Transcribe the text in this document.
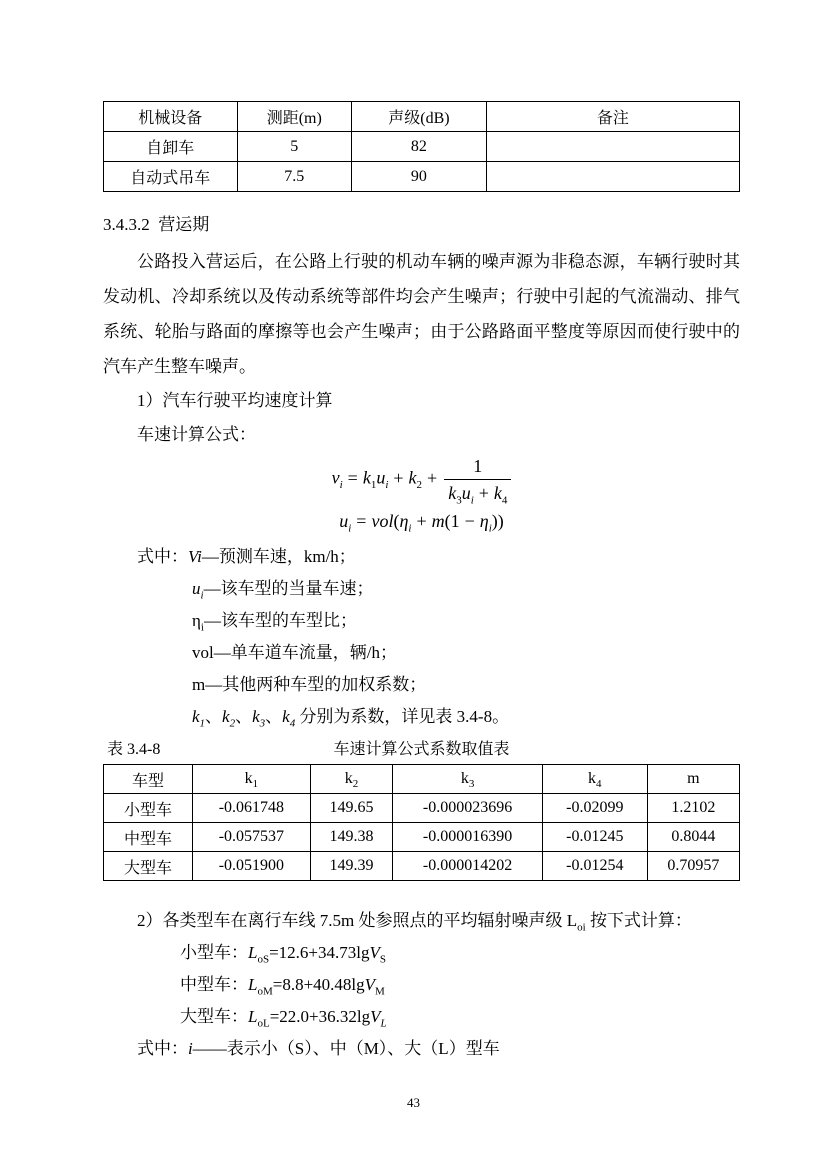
机械设备	测距(m)	声级(dB)	备注
自卸车	5	82	
自动式吊车	7.5	90	
3.4.3.2  营运期

公路投入营运后，在公路上行驶的机动车辆的噪声源为非稳态源，车辆行驶时其发动机、冷却系统以及传动系统等部件均会产生噪声；行驶中引起的气流湍动、排气系统、轮胎与路面的摩擦等也会产生噪声；由于公路路面平整度等原因而使行驶中的汽车产生整车噪声。

1）汽车行驶平均速度计算
车速计算公式：
$v_i = k_1u_i + k_2 + \frac{1}{k_3u_i + k_4}$
$u_i = vol(\eta_i + m(1 - \eta_i))$
式中：Vi—预测车速，km/h；
$u_i—$该车型的当量车速；
$\eta_i—$该车型的车型比；
vol—单车道车流量，辆/h；
m—其他两种车型的加权系数；
$k_1$、$k_2$、$k_3$、$k_4$ 分别为系数，详见表 3.4-8。
表 3.4-8	车速计算公式系数取值表
车型	$k_1$	$k_2$	$k_3$	$k_4$	m
小型车	-0.061748	149.65	-0.000023696	-0.02099	1.2102
中型车	-0.057537	149.38	-0.000016390	-0.01245	0.8044
大型车	-0.051900	149.39	-0.000014202	-0.01254	0.70957
2）各类型车在离行车线 7.5m 处参照点的平均辐射噪声级 $L_{oi}$ 按下式计算：
小型车：$L_{oS}=12.6+34.73\lg V_S$
中型车：$L_{oM}=8.8+40.48\lg V_M$
大型车：$L_{oL}=22.0+36.32\lg V_L$
式中：i——表示小（S）、中（M）、大（L）型车
43
